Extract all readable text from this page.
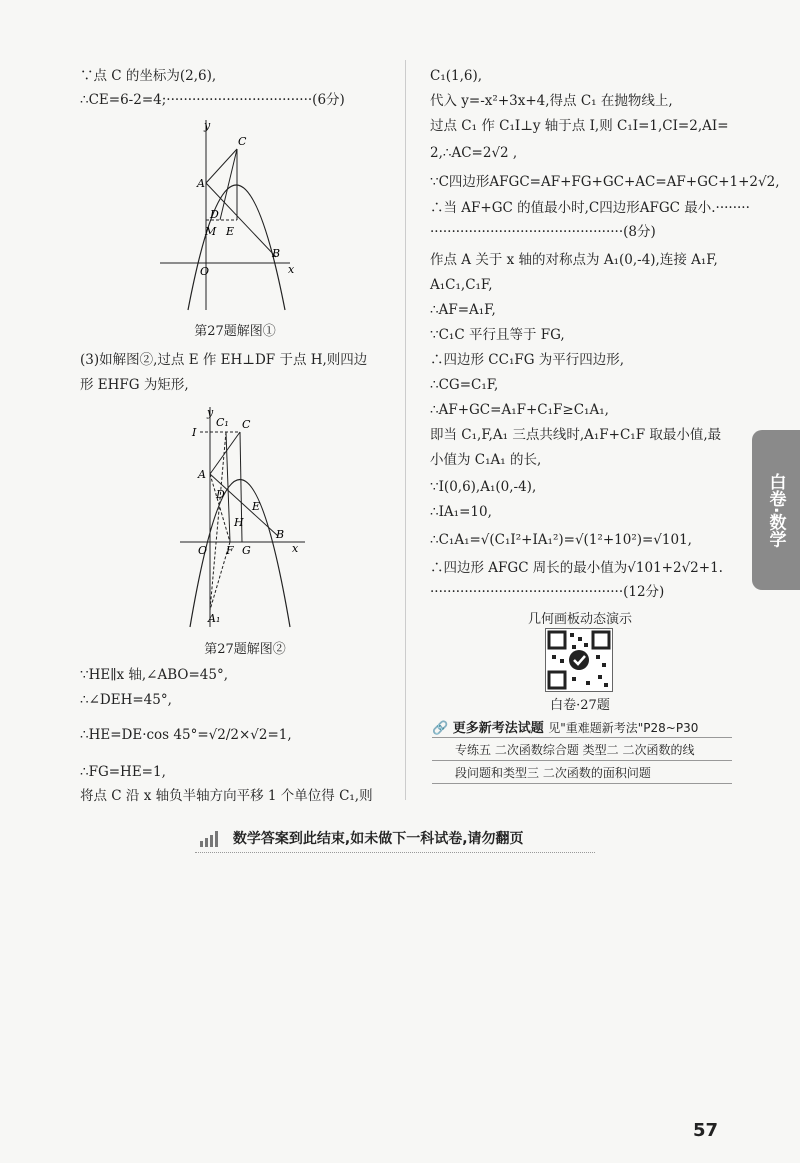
∵点 C 的坐标为(2,6),
∴CE=6-2=4;··································(6分)
y
x
C
A
D
M E
O
B
第27题解图①
(3)如解图②,过点 E 作 EH⊥DF 于点 H,则四边
形 EHFG 为矩形,
y
x
I
C₁ C
A
D
E
H
O F G
B
A₁
第27题解图②
∵HE∥x 轴,∠ABO=45°,
∴∠DEH=45°,
∴HE=DE·cos 45°=√2/2×√2=1,
∴FG=HE=1,
将点 C 沿 x 轴负半轴方向平移 1 个单位得 C₁,则
C₁(1,6),
代入 y=-x²+3x+4,得点 C₁ 在抛物线上,
过点 C₁ 作 C₁I⊥y 轴于点 I,则 C₁I=1,CI=2,AI=
2,∴AC=2√2 ,
∵C四边形AFGC=AF+FG+GC+AC=AF+GC+1+2√2,
∴当 AF+GC 的值最小时,C四边形AFGC 最小.········
·············································(8分)
作点 A 关于 x 轴的对称点为 A₁(0,-4),连接 A₁F,
A₁C₁,C₁F,
∴AF=A₁F,
∵C₁C 平行且等于 FG,
∴四边形 CC₁FG 为平行四边形,
∴CG=C₁F,
∴AF+GC=A₁F+C₁F≥C₁A₁,
即当 C₁,F,A₁ 三点共线时,A₁F+C₁F 取最小值,最
小值为 C₁A₁ 的长,
∵I(0,6),A₁(0,-4),
∴IA₁=10,
∴C₁A₁=√(C₁I²+IA₁²)=√(1²+10²)=√101,
∴四边形 AFGC 周长的最小值为√101+2√2+1.
·············································(12分)
几何画板动态演示
白卷·27题
🔗 更多新考法试题 见"重难题新考法"P28~P30
专练五 二次函数综合题 类型二 二次函数的线
段问题和类型三 二次函数的面积问题
白卷·数学
数学答案到此结束,如未做下一科试卷,请勿翻页
57
